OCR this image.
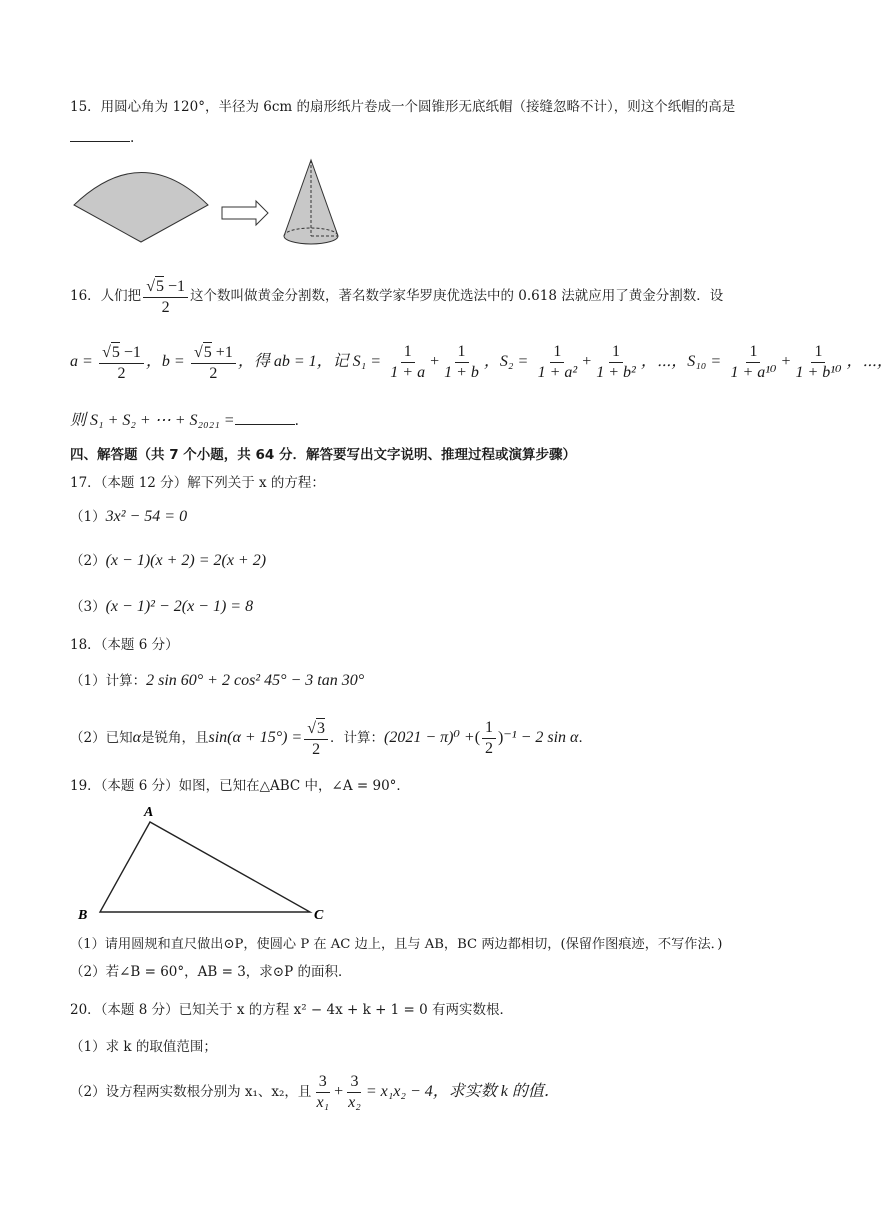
15．用圆心角为 120°，半径为 6cm 的扇形纸片卷成一个圆锥形无底纸帽（接缝忽略不计），则这个纸帽的高是
.
16．人们把 $\frac{√5 -1}{2}$ 这个数叫做黄金分割数，著名数学家华罗庚优选法中的 0.618 法就应用了黄金分割数．设
$a = \frac{√5 -1}{2}$ ，$b = \frac{√5 +1}{2}$ ，得 ab = 1，记 $S_1 = \frac{1}{1 + a} + \frac{1}{1 + b}$ ，$S_2 = \frac{1}{\text{1 + a²}} + \frac{1}{\text{1 + b²}}$ ，⋯，$S_{10} = \frac{1}{\text{1 + a¹⁰}} + \frac{1}{\text{1 + b¹⁰}}$ ，⋯，
则 S₁ + S₂ + ⋯ + S₂₀₂₁ =	.
四、解答题（共 7 个小题，共 64 分．解答要写出文字说明、推理过程或演算步骤）
17．（本题 12 分）解下列关于 x 的方程：
（1）3x² − 54 = 0
（2）(x − 1)(x + 2) = 2(x + 2)
（3）(x − 1)² − 2(x − 1) = 8
18．（本题 6 分）
（1）计算：2 sin 60° + 2 cos² 45° − 3 tan 30°
（2）已知α是锐角，且$\sin(\alpha + 15^\circ) = \frac{√3}{2}$ ．计算：(2021 − π)⁰ +( $\frac{1}{2} )^{-1} - 2$ sin α．
19．（本题 6 分）如图，已知在△ABC 中，∠A = 90°．
A
B	C
（1）请用圆规和直尺做出⊙P，使圆心 P 在 AC 边上，且与 AB，BC 两边都相切，(保留作图痕迹，不写作法．)
（2）若∠B = 60°，AB = 3，求⊙P 的面积．
20．（本题 8 分）已知关于 x 的方程 x² − 4x + k + 1 = 0 有两实数根．
（1）求 k 的取值范围；
（2）设方程两实数根分别为 x₁、x₂，且 $\frac{3}{\text{x₁}} + \frac{3}{\text{x₂}} = x_1x_2 - 4$，求实数 k 的值．
